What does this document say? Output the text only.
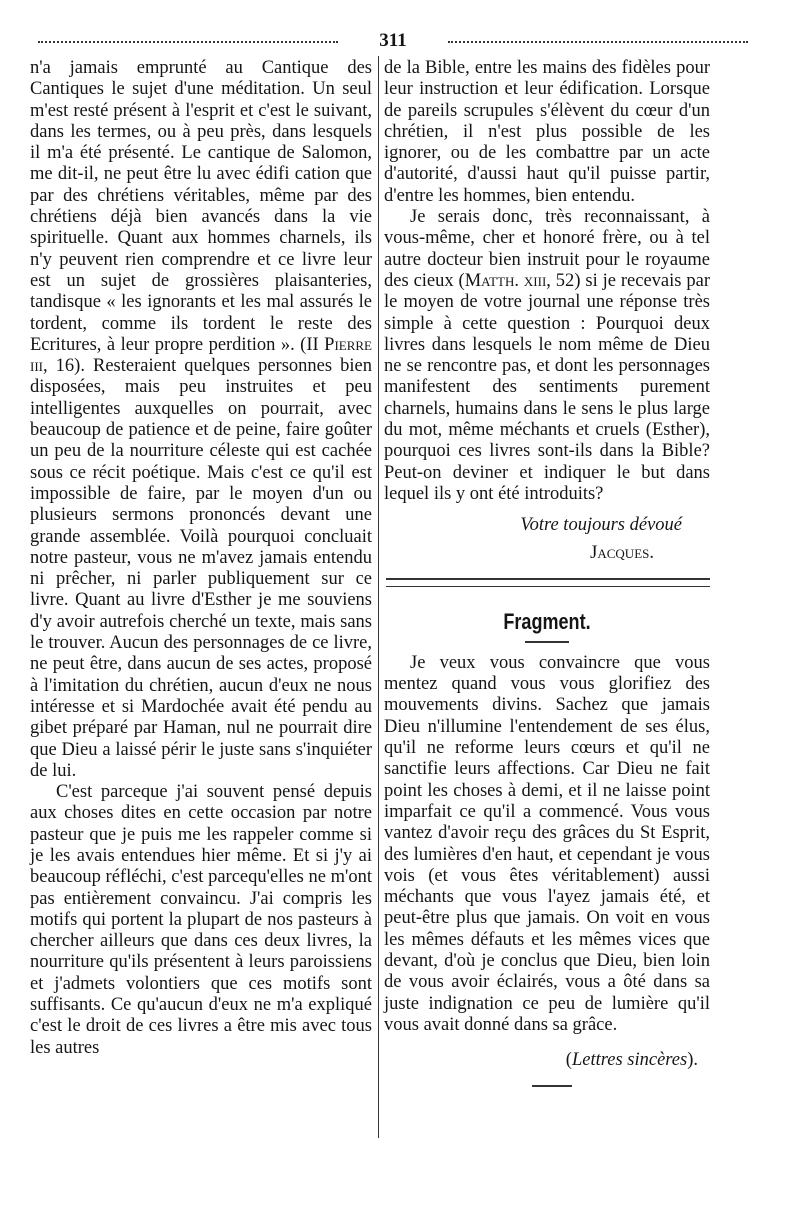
311

n'a jamais emprunté au Cantique des Cantiques le sujet d'une méditation. Un seul m'est resté présent à l'esprit et c'est le suivant, dans les termes, ou à peu près, dans lesquels il m'a été présenté. Le cantique de Salomon, me dit-il, ne peut être lu avec édifi cation que par des chrétiens véritables, même par des chrétiens déjà bien avancés dans la vie spirituelle. Quant aux hommes charnels, ils n'y peuvent rien comprendre et ce livre leur est un sujet de grossières plaisanteries, tandisque « les ignorants et les mal assurés le tordent, comme ils tordent le reste des Ecritures, à leur propre perdition ». (II Pierre iii, 16). Resteraient quelques personnes bien disposées, mais peu instruites et peu intelligentes auxquelles on pourrait, avec beaucoup de patience et de peine, faire goûter un peu de la nourriture céleste qui est cachée sous ce récit poétique. Mais c'est ce qu'il est impossible de faire, par le moyen d'un ou plusieurs sermons prononcés devant une grande assemblée. Voilà pourquoi concluait notre pasteur, vous ne m'avez jamais entendu ni prêcher, ni parler publiquement sur ce livre. Quant au livre d'Esther je me souviens d'y avoir autrefois cherché un texte, mais sans le trouver. Aucun des personnages de ce livre, ne peut être, dans aucun de ses actes, proposé à l'imitation du chrétien, aucun d'eux ne nous intéresse et si Mardochée avait été pendu au gibet préparé par Haman, nul ne pourrait dire que Dieu a laissé périr le juste sans s'inquiéter de lui.

C'est parceque j'ai souvent pensé depuis aux choses dites en cette occasion par notre pasteur que je puis me les rappeler comme si je les avais entendues hier même. Et si j'y ai beaucoup réfléchi, c'est parcequ'elles ne m'ont pas entièrement convaincu. J'ai compris les motifs qui portent la plupart de nos pasteurs à chercher ailleurs que dans ces deux livres, la nourriture qu'ils présentent à leurs paroissiens et j'admets volontiers que ces motifs sont suffisants. Ce qu'aucun d'eux ne m'a expliqué c'est le droit de ces livres a être mis avec tous les autres

de la Bible, entre les mains des fidèles pour leur instruction et leur édification. Lorsque de pareils scrupules s'élèvent du cœur d'un chrétien, il n'est plus possible de les ignorer, ou de les combattre par un acte d'autorité, d'aussi haut qu'il puisse partir, d'entre les hommes, bien entendu.

Je serais donc, très reconnaissant, à vous-même, cher et honoré frère, ou à tel autre docteur bien instruit pour le royaume des cieux (Matth. xiii, 52) si je recevais par le moyen de votre journal une réponse très simple à cette question : Pourquoi deux livres dans lesquels le nom même de Dieu ne se rencontre pas, et dont les personnages manifestent des sentiments purement charnels, humains dans le sens le plus large du mot, même méchants et cruels (Esther), pourquoi ces livres sont-ils dans la Bible? Peut-on deviner et indiquer le but dans lequel ils y ont été introduits?

Votre toujours dévoué
Jacques.
Fragment.

Je veux vous convaincre que vous mentez quand vous vous glorifiez des mouvements divins. Sachez que jamais Dieu n'illumine l'entendement de ses élus, qu'il ne reforme leurs cœurs et qu'il ne sanctifie leurs affections. Car Dieu ne fait point les choses à demi, et il ne laisse point imparfait ce qu'il a commencé. Vous vous vantez d'avoir reçu des grâces du St Esprit, des lumières d'en haut, et cependant je vous vois (et vous êtes véritablement) aussi méchants que vous l'ayez jamais été, et peut-être plus que jamais. On voit en vous les mêmes défauts et les mêmes vices que devant, d'où je conclus que Dieu, bien loin de vous avoir éclairés, vous a ôté dans sa juste indignation ce peu de lumière qu'il vous avait donné dans sa grâce.

(Lettres sincères).
